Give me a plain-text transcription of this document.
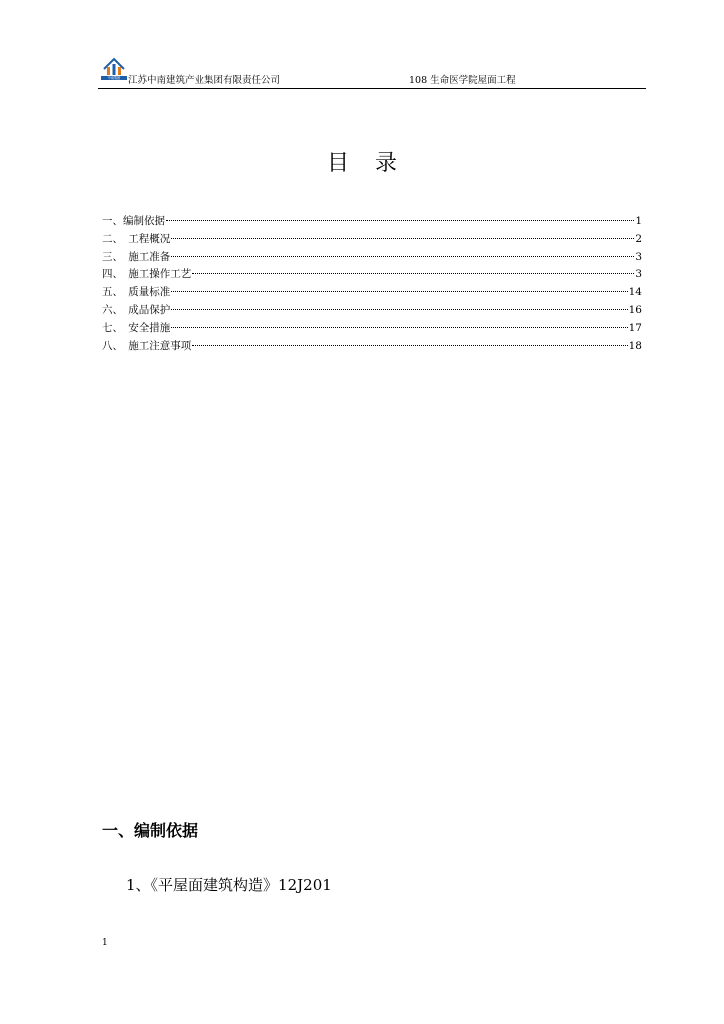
中南集团 江苏中南建筑产业集团有限责任公司	108 生命医学院屋面工程
目录
一、编制依据	1
二、　工程概况	2
三、　施工准备	3
四、　施工操作工艺	3
五、　质量标准	14
六、　成品保护	16
七、　安全措施	17
八、　施工注意事项	18
一、编制依据
1、《平屋面建筑构造》12J201
1
